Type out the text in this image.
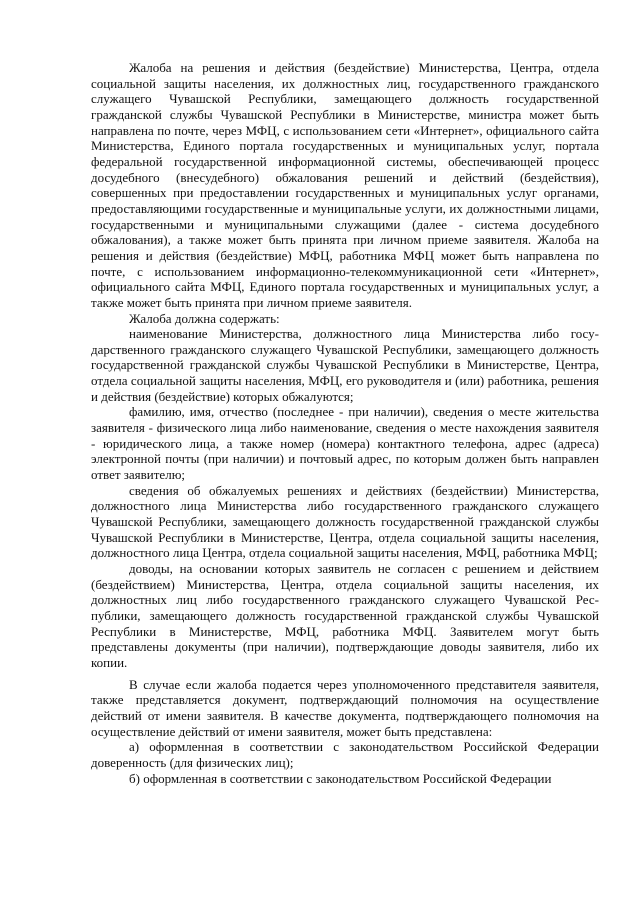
Жалоба на решения и действия (бездействие) Министерства, Центра, отдела социальной защиты населения, их должностных лиц, государственного гражданского служащего Чувашской Республики, замещающего должность государственной гражданской службы Чувашской Республики в Министерстве, министра может быть направлена по почте, через МФЦ, с использованием сети «Интернет», официального сайта Министерства, Единого портала государственных и муниципальных услуг, портала федеральной государственной информационной системы, обеспечивающей процесс досудебного (внесудебного) обжалования решений и действий (бездействия), совершенных при предоставлении государственных и муниципальных услуг органами, предоставляющими государственные и муниципальные услуги, их должностными лицами, государственными и муниципальными служащими (далее - система досудебного обжалования), а также может быть принята при личном приеме заявителя. Жалоба на решения и действия (бездействие) МФЦ, работника МФЦ может быть направлена по почте, с использованием информационно-телекоммуникационной сети «Интернет», официального сайта МФЦ, Единого портала государственных и муниципальных услуг, а также может быть принята при личном приеме заявителя.

Жалоба должна содержать:

наименование Министерства, должностного лица Министерства либо государственного гражданского служащего Чувашской Республики, замещающего должность государственной гражданской службы Чувашской Республики в Министерстве, Центра, отдела социальной защиты населения, МФЦ, его руководителя и (или) работника, решения и действия (бездействие) которых обжалуются;

фамилию, имя, отчество (последнее - при наличии), сведения о месте жительства заявителя - физического лица либо наименование, сведения о месте нахождения заявителя - юридического лица, а также номер (номера) контактного телефона, адрес (адреса) электронной почты (при наличии) и почтовый адрес, по которым должен быть направлен ответ заявителю;

сведения об обжалуемых решениях и действиях (бездействии) Министерства, должностного лица Министерства либо государственного гражданского служащего Чувашской Республики, замещающего должность государственной гражданской службы Чувашской Республики в Министерстве, Центра, отдела социальной защиты населения, должностного лица Центра, отдела социальной защиты населения, МФЦ, работника МФЦ;

доводы, на основании которых заявитель не согласен с решением и действием (бездействием) Министерства, Центра, отдела социальной защиты населения, их должностных лиц либо государственного гражданского служащего Чувашской Республики, замещающего должность государственной гражданской службы Чувашской Республики в Министерстве, МФЦ, работника МФЦ. Заявителем могут быть представлены документы (при наличии), подтверждающие доводы заявителя, либо их копии.

В случае если жалоба подается через уполномоченного представителя заявителя, также представляется документ, подтверждающий полномочия на осуществление действий от имени заявителя. В качестве документа, подтверждающего полномочия на осуществление действий от имени заявителя, может быть представлена:

а) оформленная в соответствии с законодательством Российской Федерации доверенность (для физических лиц);

б) оформленная в соответствии с законодательством Российской Федерации
